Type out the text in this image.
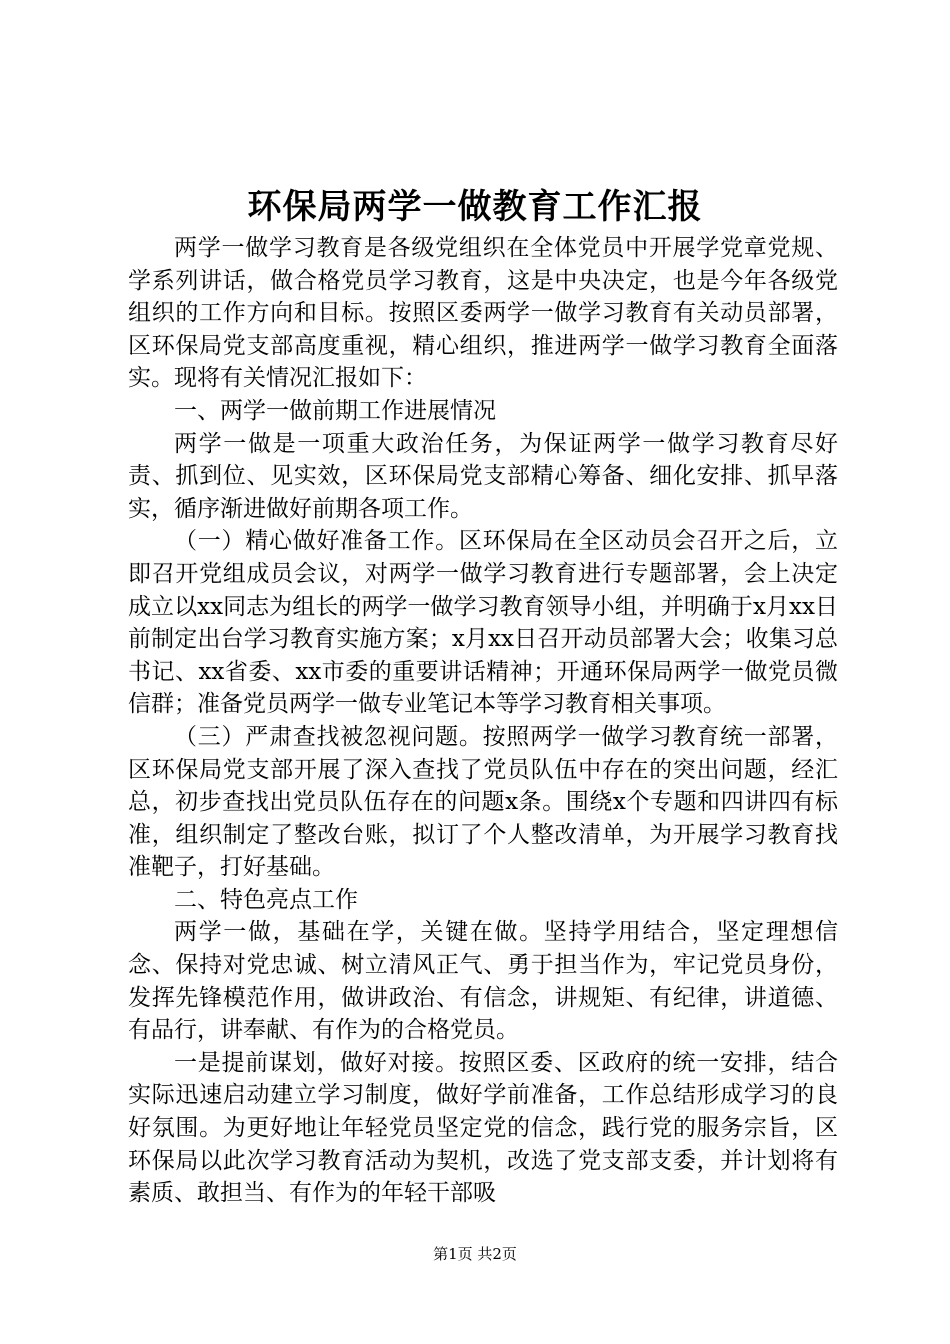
环保局两学一做教育工作汇报

两学一做学习教育是各级党组织在全体党员中开展学党章党规、学系列讲话，做合格党员学习教育，这是中央决定，也是今年各级党组织的工作方向和目标。按照区委两学一做学习教育有关动员部署，区环保局党支部高度重视，精心组织，推进两学一做学习教育全面落实。现将有关情况汇报如下：

一、两学一做前期工作进展情况

两学一做是一项重大政治任务，为保证两学一做学习教育尽好责、抓到位、见实效，区环保局党支部精心筹备、细化安排、抓早落实，循序渐进做好前期各项工作。

（一）精心做好准备工作。区环保局在全区动员会召开之后，立即召开党组成员会议，对两学一做学习教育进行专题部署，会上决定成立以xx同志为组长的两学一做学习教育领导小组，并明确于x月xx日前制定出台学习教育实施方案；x月xx日召开动员部署大会；收集习总书记、xx省委、xx市委的重要讲话精神；开通环保局两学一做党员微信群；准备党员两学一做专业笔记本等学习教育相关事项。

（三）严肃查找被忽视问题。按照两学一做学习教育统一部署，区环保局党支部开展了深入查找了党员队伍中存在的突出问题，经汇总，初步查找出党员队伍存在的问题x条。围绕x个专题和四讲四有标准，组织制定了整改台账，拟订了个人整改清单，为开展学习教育找准靶子，打好基础。

二、特色亮点工作

两学一做，基础在学，关键在做。坚持学用结合，坚定理想信念、保持对党忠诚、树立清风正气、勇于担当作为，牢记党员身份，发挥先锋模范作用，做讲政治、有信念，讲规矩、有纪律，讲道德、有品行，讲奉献、有作为的合格党员。

一是提前谋划，做好对接。按照区委、区政府的统一安排，结合实际迅速启动建立学习制度，做好学前准备，工作总结形成学习的良好氛围。为更好地让年轻党员坚定党的信念，践行党的服务宗旨，区环保局以此次学习教育活动为契机，改选了党支部支委，并计划将有素质、敢担当、有作为的年轻干部吸

第1页 共2页
